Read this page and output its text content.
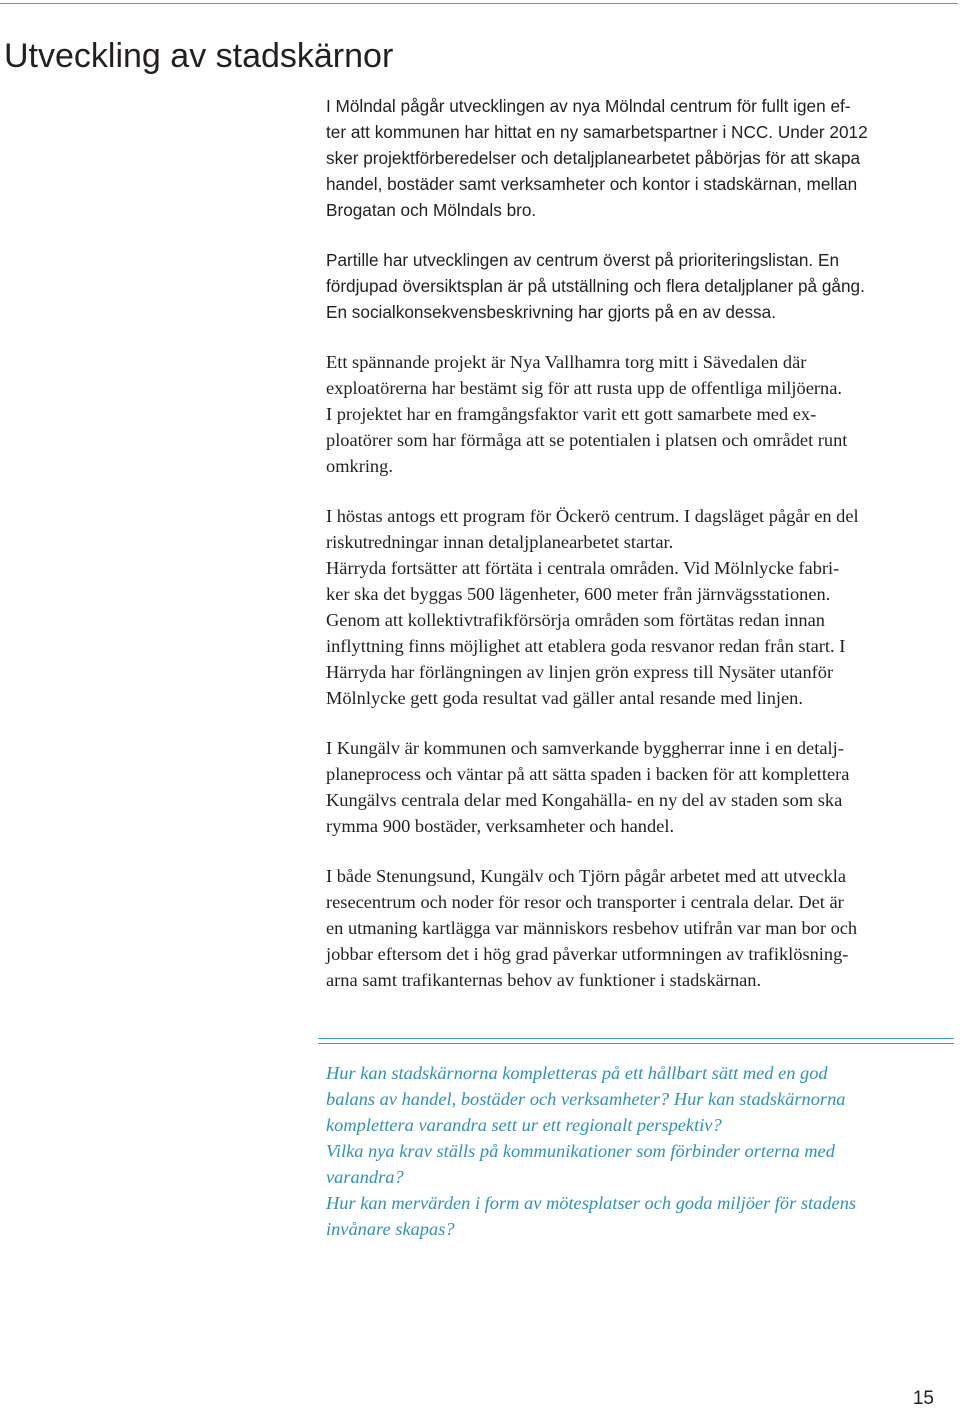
Utveckling av stadskärnor

I Mölndal pågår utvecklingen av nya Mölndal centrum för fullt igen ef-
ter att kommunen har hittat en ny samarbetspartner i NCC. Under 2012
sker projektförberedelser och detaljplanearbetet påbörjas för att skapa
handel, bostäder samt verksamheter och kontor i stadskärnan, mellan
Brogatan och Mölndals bro.

Partille har utvecklingen av centrum överst på prioriteringslistan. En
fördjupad översiktsplan är på utställning och flera detaljplaner på gång.
En socialkonsekvensbeskrivning har gjorts på en av dessa.

Ett spännande projekt är Nya Vallhamra torg mitt i Sävedalen där
exploatörerna har bestämt sig för att rusta upp de offentliga miljöerna.
I projektet har en framgångsfaktor varit ett gott samarbete med ex-
ploatörer som har förmåga att se potentialen i platsen och området runt
omkring.

I höstas antogs ett program för Öckerö centrum. I dagsläget pågår en del
riskutredningar innan detaljplanearbetet startar.
Härryda fortsätter att förtäta i centrala områden. Vid Mölnlycke fabri-
ker ska det byggas 500 lägenheter, 600 meter från järnvägsstationen.
Genom att kollektivtrafikförsörja områden som förtätas redan innan
inflyttning finns möjlighet att etablera goda resvanor redan från start. I
Härryda har förlängningen av linjen grön express till Nysäter utanför
Mölnlycke gett goda resultat vad gäller antal resande med linjen.

I Kungälv är kommunen och samverkande byggherrar inne i en detalj-
planeprocess och väntar på att sätta spaden i backen för att komplettera
Kungälvs centrala delar med Kongahälla- en ny del av staden som ska
rymma 900 bostäder, verksamheter och handel.

I både Stenungsund, Kungälv och Tjörn pågår arbetet med att utveckla
resecentrum och noder för resor och transporter i centrala delar. Det är
en utmaning kartlägga var människors resbehov utifrån var man bor och
jobbar eftersom det i hög grad påverkar utformningen av trafiklösning-
arna samt trafikanternas behov av funktioner i stadskärnan.

Hur kan stadskärnorna kompletteras på ett hållbart sätt med en god
balans av handel, bostäder och verksamheter? Hur kan stadskärnorna
komplettera varandra sett ur ett regionalt perspektiv?
Vilka nya krav ställs på kommunikationer som förbinder orterna med
varandra?
Hur kan mervärden i form av mötesplatser och goda miljöer för stadens
invånare skapas?
15
